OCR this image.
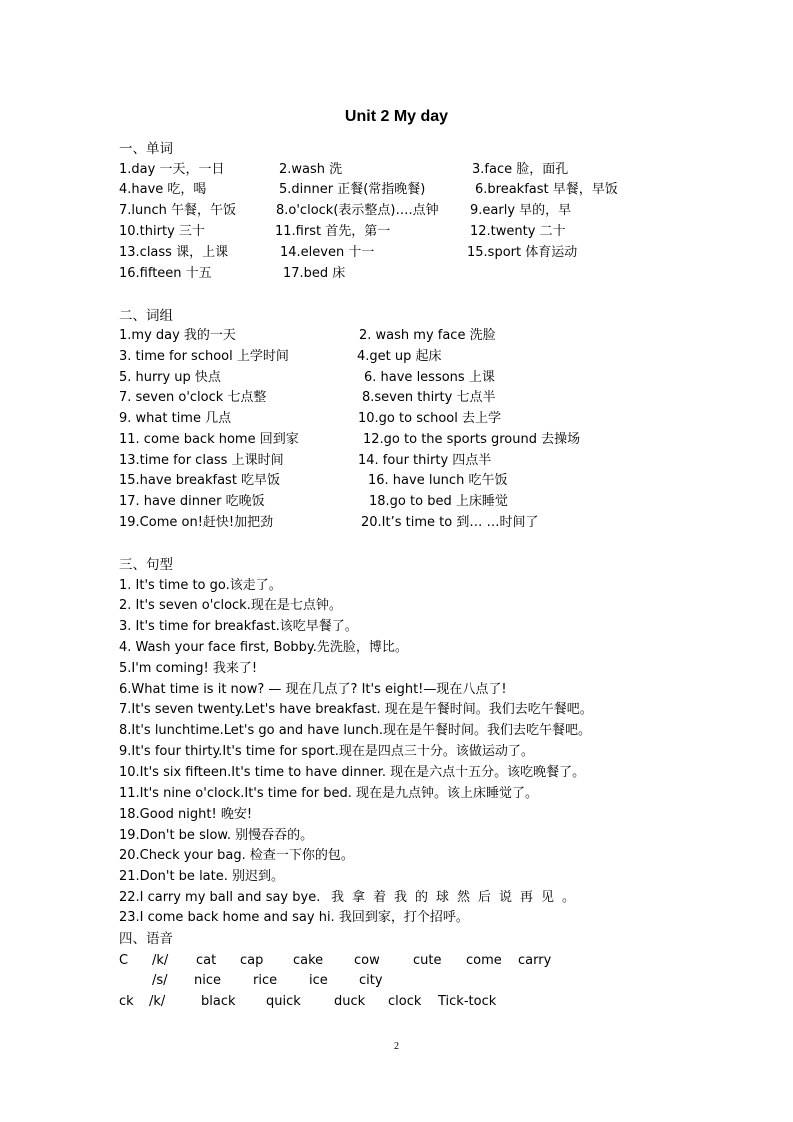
Unit 2 My day
一、单词
1.day 一天，一日	2.wash 洗	3.face 脸，面孔
4.have 吃，喝	5.dinner 正餐(常指晚餐)	6.breakfast 早餐，早饭
7.lunch 午餐，午饭	8.o'clock(表示整点)….点钟 9.early 早的，早
10.thirty 三十	11.first 首先，第一	12.twenty 二十
13.class 课，上课	14.eleven 十一	15.sport 体育运动
16.fifteen 十五	17.bed 床
二、词组
1.my day 我的一天	2. wash my face 洗脸
3. time for school 上学时间	4.get up 起床
5. hurry up 快点	6. have lessons 上课
7. seven o'clock 七点整	8.seven thirty 七点半
9. what time 几点	10.go to school 去上学
11. come back home 回到家	12.go to the sports ground 去操场
13.time for class 上课时间	14. four thirty 四点半
15.have breakfast 吃早饭	16. have lunch 吃午饭
17. have dinner 吃晚饭	18.go to bed 上床睡觉
19.Come on!赶快!加把劲	20.It’s time to 到… …时间了
三、句型
1. It's time to go.该走了。
2. It's seven o'clock.现在是七点钟。
3. It's time for breakfast.该吃早餐了。
4. Wash your face first, Bobby.先洗脸，博比。
5.I'm coming! 我来了!
6.What time is it now? — 现在几点了? It's eight!—现在八点了!
7.It's seven twenty.Let's have breakfast. 现在是午餐时间。我们去吃午餐吧。
8.It's lunchtime.Let's go and have lunch.现在是午餐时间。我们去吃午餐吧。
9.It's four thirty.It's time for sport.现在是四点三十分。该做运动了。
10.It's six fifteen.It's time to have dinner. 现在是六点十五分。该吃晚餐了。
11.It's nine o'clock.It's time for bed. 现在是九点钟。该上床睡觉了。
18.Good night! 晚安!
19.Don't be slow. 别慢吞吞的。
20.Check your bag. 检查一下你的包。
21.Don't be late. 别迟到。
22.I carry my ball and say bye. 我拿着我的球然后说再见。
23.I come back home and say hi. 我回到家，打个招呼。
四、语音
C /k/ cat cap cake cow	cute come carry
/s/ nice rice ice city
ck /k/	black quick	duck clock Tick-tock
2
